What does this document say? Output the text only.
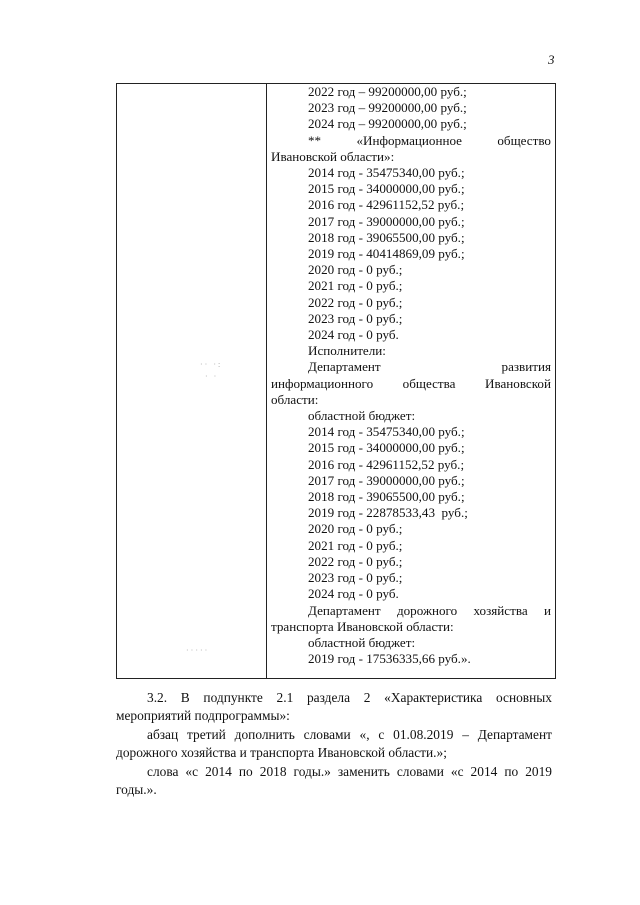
3
·· ·:
· ·
·····
2022 год – 99200000,00 руб.;
2023 год – 99200000,00 руб.;
2024 год – 99200000,00 руб.;
**	«Информационное	общество
Ивановской области»:
2014 год - 35475340,00 руб.;
2015 год - 34000000,00 руб.;
2016 год - 42961152,52 руб.;
2017 год - 39000000,00 руб.;
2018 год - 39065500,00 руб.;
2019 год - 40414869,09 руб.;
2020 год - 0 руб.;
2021 год - 0 руб.;
2022 год - 0 руб.;
2023 год - 0 руб.;
2024 год - 0 руб.
Исполнители:
Департамент	развития
информационного общества Ивановской
области:
областной бюджет:
2014 год - 35475340,00 руб.;
2015 год - 34000000,00 руб.;
2016 год - 42961152,52 руб.;
2017 год - 39000000,00 руб.;
2018 год - 39065500,00 руб.;
2019 год - 22878533,43  руб.;
2020 год - 0 руб.;
2021 год - 0 руб.;
2022 год - 0 руб.;
2023 год - 0 руб.;
2024 год - 0 руб.
Департамент дорожного хозяйства и
транспорта Ивановской области:
областной бюджет:
2019 год - 17536335,66 руб.».
3.2. В подпункте 2.1 раздела 2 «Характеристика основных
мероприятий подпрограммы»:
абзац третий дополнить словами «, с 01.08.2019 – Департамент
дорожного хозяйства и транспорта Ивановской области.»;
слова «с 2014 по 2018 годы.» заменить словами «с 2014 по 2019
годы.».
